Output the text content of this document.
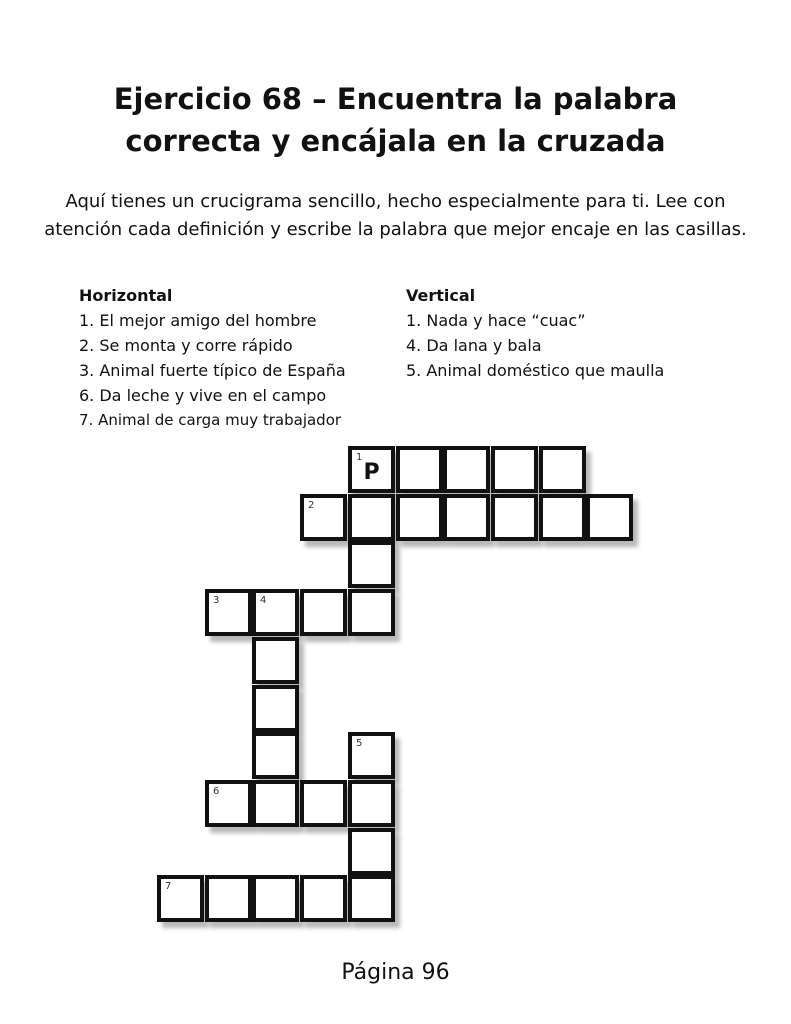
Ejercicio 68 – Encuentra la palabra
correcta y encájala en la cruzada

Aquí tienes un crucigrama sencillo, hecho especialmente para ti. Lee con atención cada definición y escribe la palabra que mejor encaje en las casillas.

Horizontal
1. El mejor amigo del hombre
2. Se monta y corre rápido
3. Animal fuerte típico de España
6. Da leche y vive en el campo
7. Animal de carga muy trabajador
Vertical
1. Nada y hace “cuac”
4. Da lana y bala
5. Animal doméstico que maulla
1
P
2
3	4
5
6
7
Página 96
